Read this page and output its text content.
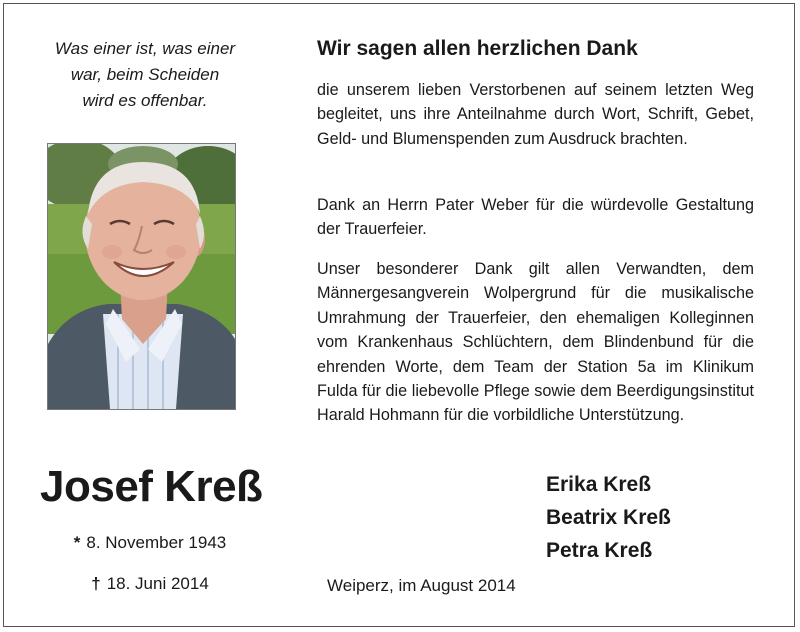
Was einer ist, was einer
war, beim Scheiden
wird es offenbar.
Josef Kreß
* 8. November 1943
† 18. Juni 2014
Wir sagen allen herzlichen Dank
die unserem lieben Verstorbenen auf seinem letzten Weg begleitet, uns ihre Anteilnahme durch Wort, Schrift, Gebet, Geld- und Blumenspenden zum Ausdruck brachten.
Dank an Herrn Pater Weber für die würdevolle Gestaltung der Trauerfeier.
Unser besonderer Dank gilt allen Verwandten, dem Männergesangverein Wolpergrund für die musikalische Umrahmung der Trauerfeier, den ehemaligen Kolleginnen vom Krankenhaus Schlüchtern, dem Blindenbund für die ehrenden Worte, dem Team der Station 5a im Klinikum Fulda für die liebevolle Pflege sowie dem Beerdigungsinstitut Harald Hohmann für die vorbildliche Unterstützung.
Erika Kreß
Beatrix Kreß
Petra Kreß
Weiperz, im August 2014
